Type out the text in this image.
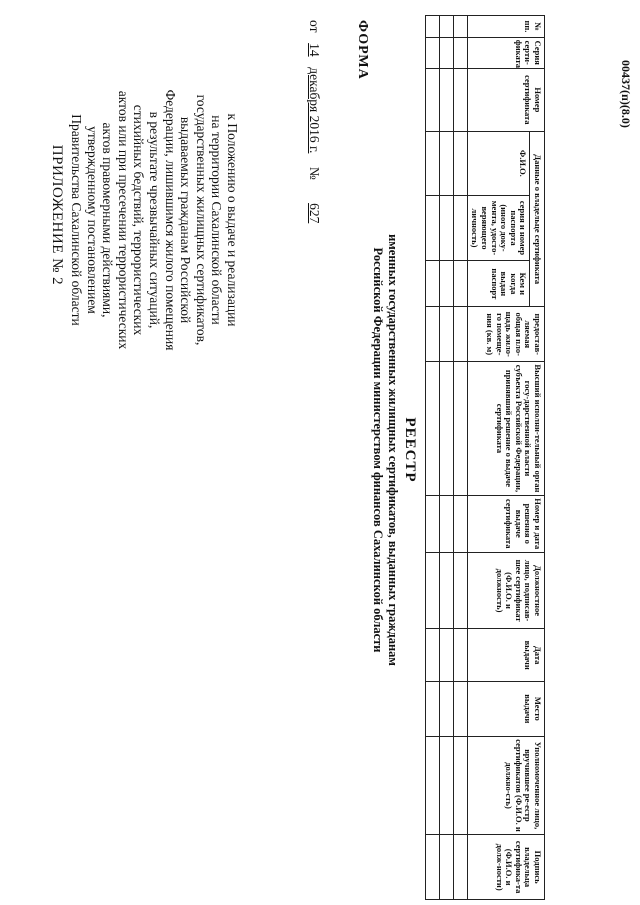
ПРИЛОЖЕНИЕ № 2	к Положению о выдаче и реализации
на территории Сахалинской области
государственных жилищных сертификатов,
выдаваемых гражданам Российской
Федерации, лишившимся жилого помещения
в результате чрезвычайных ситуаций,
стихийных бедствий, террористических
актов или при пресечении террористических
актов правомерными действиями,
утвержденному постановлением
Правительства Сахалинской области
от 14 декабря 2016 г.    № 627
ФОРМА
РЕЕСТР
именных государственных жилищных сертификатов, выданных гражданам
Российской Федерации министерством финансов Сахалинской области
№ пп.	Серия серти-фиката	Номер сертификата	Данные о владельце сертификата			предостав-ляемая общая пло-щадь жило-го помеще-ния (кв. м)	Высший исполни-тельный орган госу-дарственной власти субъекта Российской Федерации, принявший решение о выдаче сертификата	Номер и дата решения о выдаче сертификата	Должностное лицо, подписав-шее сертификат (Ф.И.О. и должность)	Дата выдачи	Место выдачи	Уполномоченное лицо, вручившее ре-естр сертификатов (Ф.И.О. и должно-сть)	Подпись владельца сертифика-та (Ф.И.О. и долж-ности)
			Ф.И.О.	серия и номер паспорта (иного доку-мента, удосто-веряющего личность)	Кем и когда выдан паспорт								

00437(п)(8.0)
